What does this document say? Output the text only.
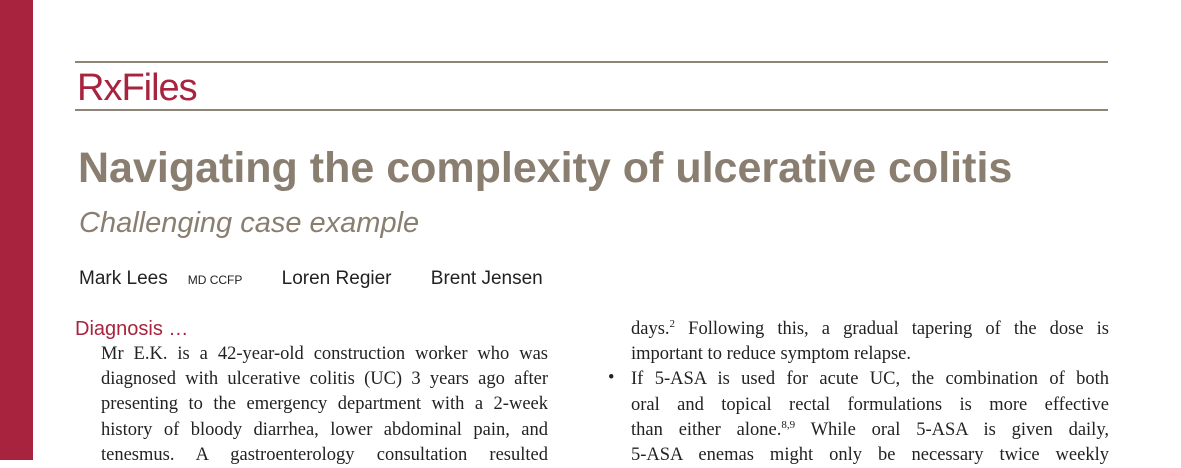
RxFiles
Navigating the complexity of ulcerative colitis
Challenging case example
Mark Lees MD CCFP Loren Regier Brent Jensen
Diagnosis …
Mr E.K. is a 42-year-old construction worker who was
diagnosed with ulcerative colitis (UC) 3 years ago after
presenting to the emergency department with a 2-week
history of bloody diarrhea, lower abdominal pain, and
tenesmus. A gastroenterology consultation resulted
days.$^2$ Following this, a gradual tapering of the dose is
important to reduce symptom relapse.
If 5-ASA is used for acute UC, the combination of both
oral and topical rectal formulations is more effective
than either alone.$^{8,9}$ While oral 5-ASA is given daily,
5-ASA enemas might only be necessary twice weekly
•
